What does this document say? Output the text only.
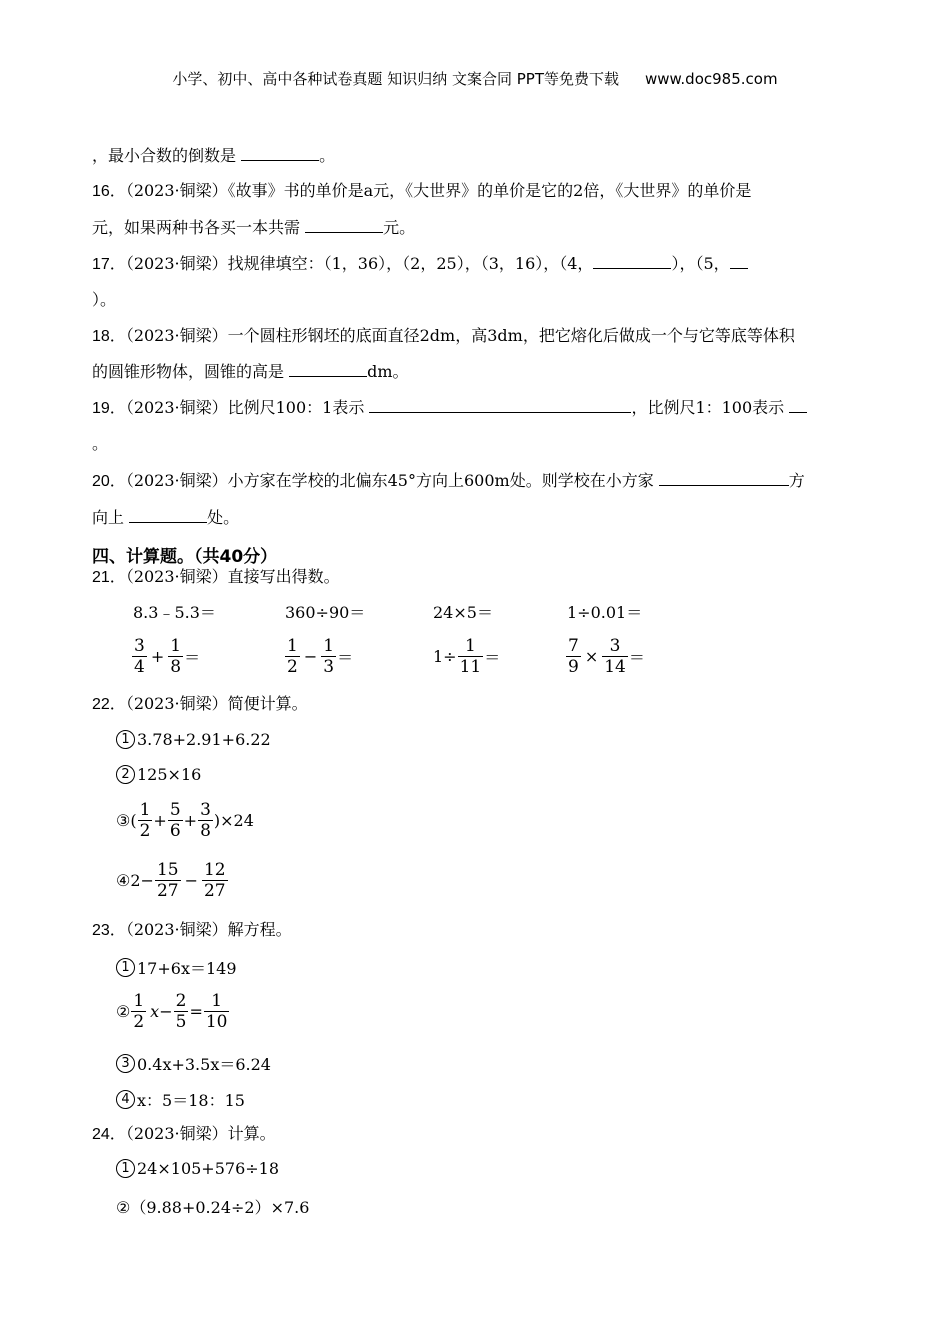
小学、初中、高中各种试卷真题 知识归纳 文案合同 PPT等免费下载 www.doc985.com
，最小合数的倒数是	。
16．（2023·铜梁）《故事》书的单价是a元，《大世界》的单价是它的2倍，《大世界》的单价是
元，如果两种书各买一本共需	元。
17．（2023·铜梁）找规律填空：（1，36），（2，25），（3，16），（4，	），（5，
）。
18．（2023·铜梁）一个圆柱形钢坯的底面直径2dm，高3dm，把它熔化后做成一个与它等底等体积
的圆锥形物体，圆锥的高是	dm。
19．（2023·铜梁）比例尺100：1表示	，比例尺1：100表示
。
20．（2023·铜梁）小方家在学校的北偏东45°方向上600m处。则学校在小方家	方
向上	处。
四、计算题。（共40分）
21．（2023·铜梁）直接写出得数。
8.3﹣5.3＝	360÷90＝	24×5＝	1÷0.01＝
$\frac{3}{4} + \frac{1}{8}$ ＝	$\frac{1}{2} - \frac{1}{3}$ ＝	$1\div \frac{1}{11}$ ＝	$\frac{7}{9} \times \frac{3}{14}$ ＝
22．（2023·铜梁）简便计算。
1 3.78+2.91+6.22
2 125×16
③ ( $\frac{1}{2} + \frac{5}{6} + \frac{3}{8} )\times 24$
④ $2- \frac{15}{27} - \frac{12}{27}$
23．（2023·铜梁）解方程。
1 17+6x＝149
② $\frac{1}{2} x- \frac{2}{5} = \frac{1}{10}$
3 0.4x+3.5x＝6.24
4 x：5＝18：15
24．（2023·铜梁）计算。
1 24×105+576÷18
②（9.88+0.24÷2）×7.6
